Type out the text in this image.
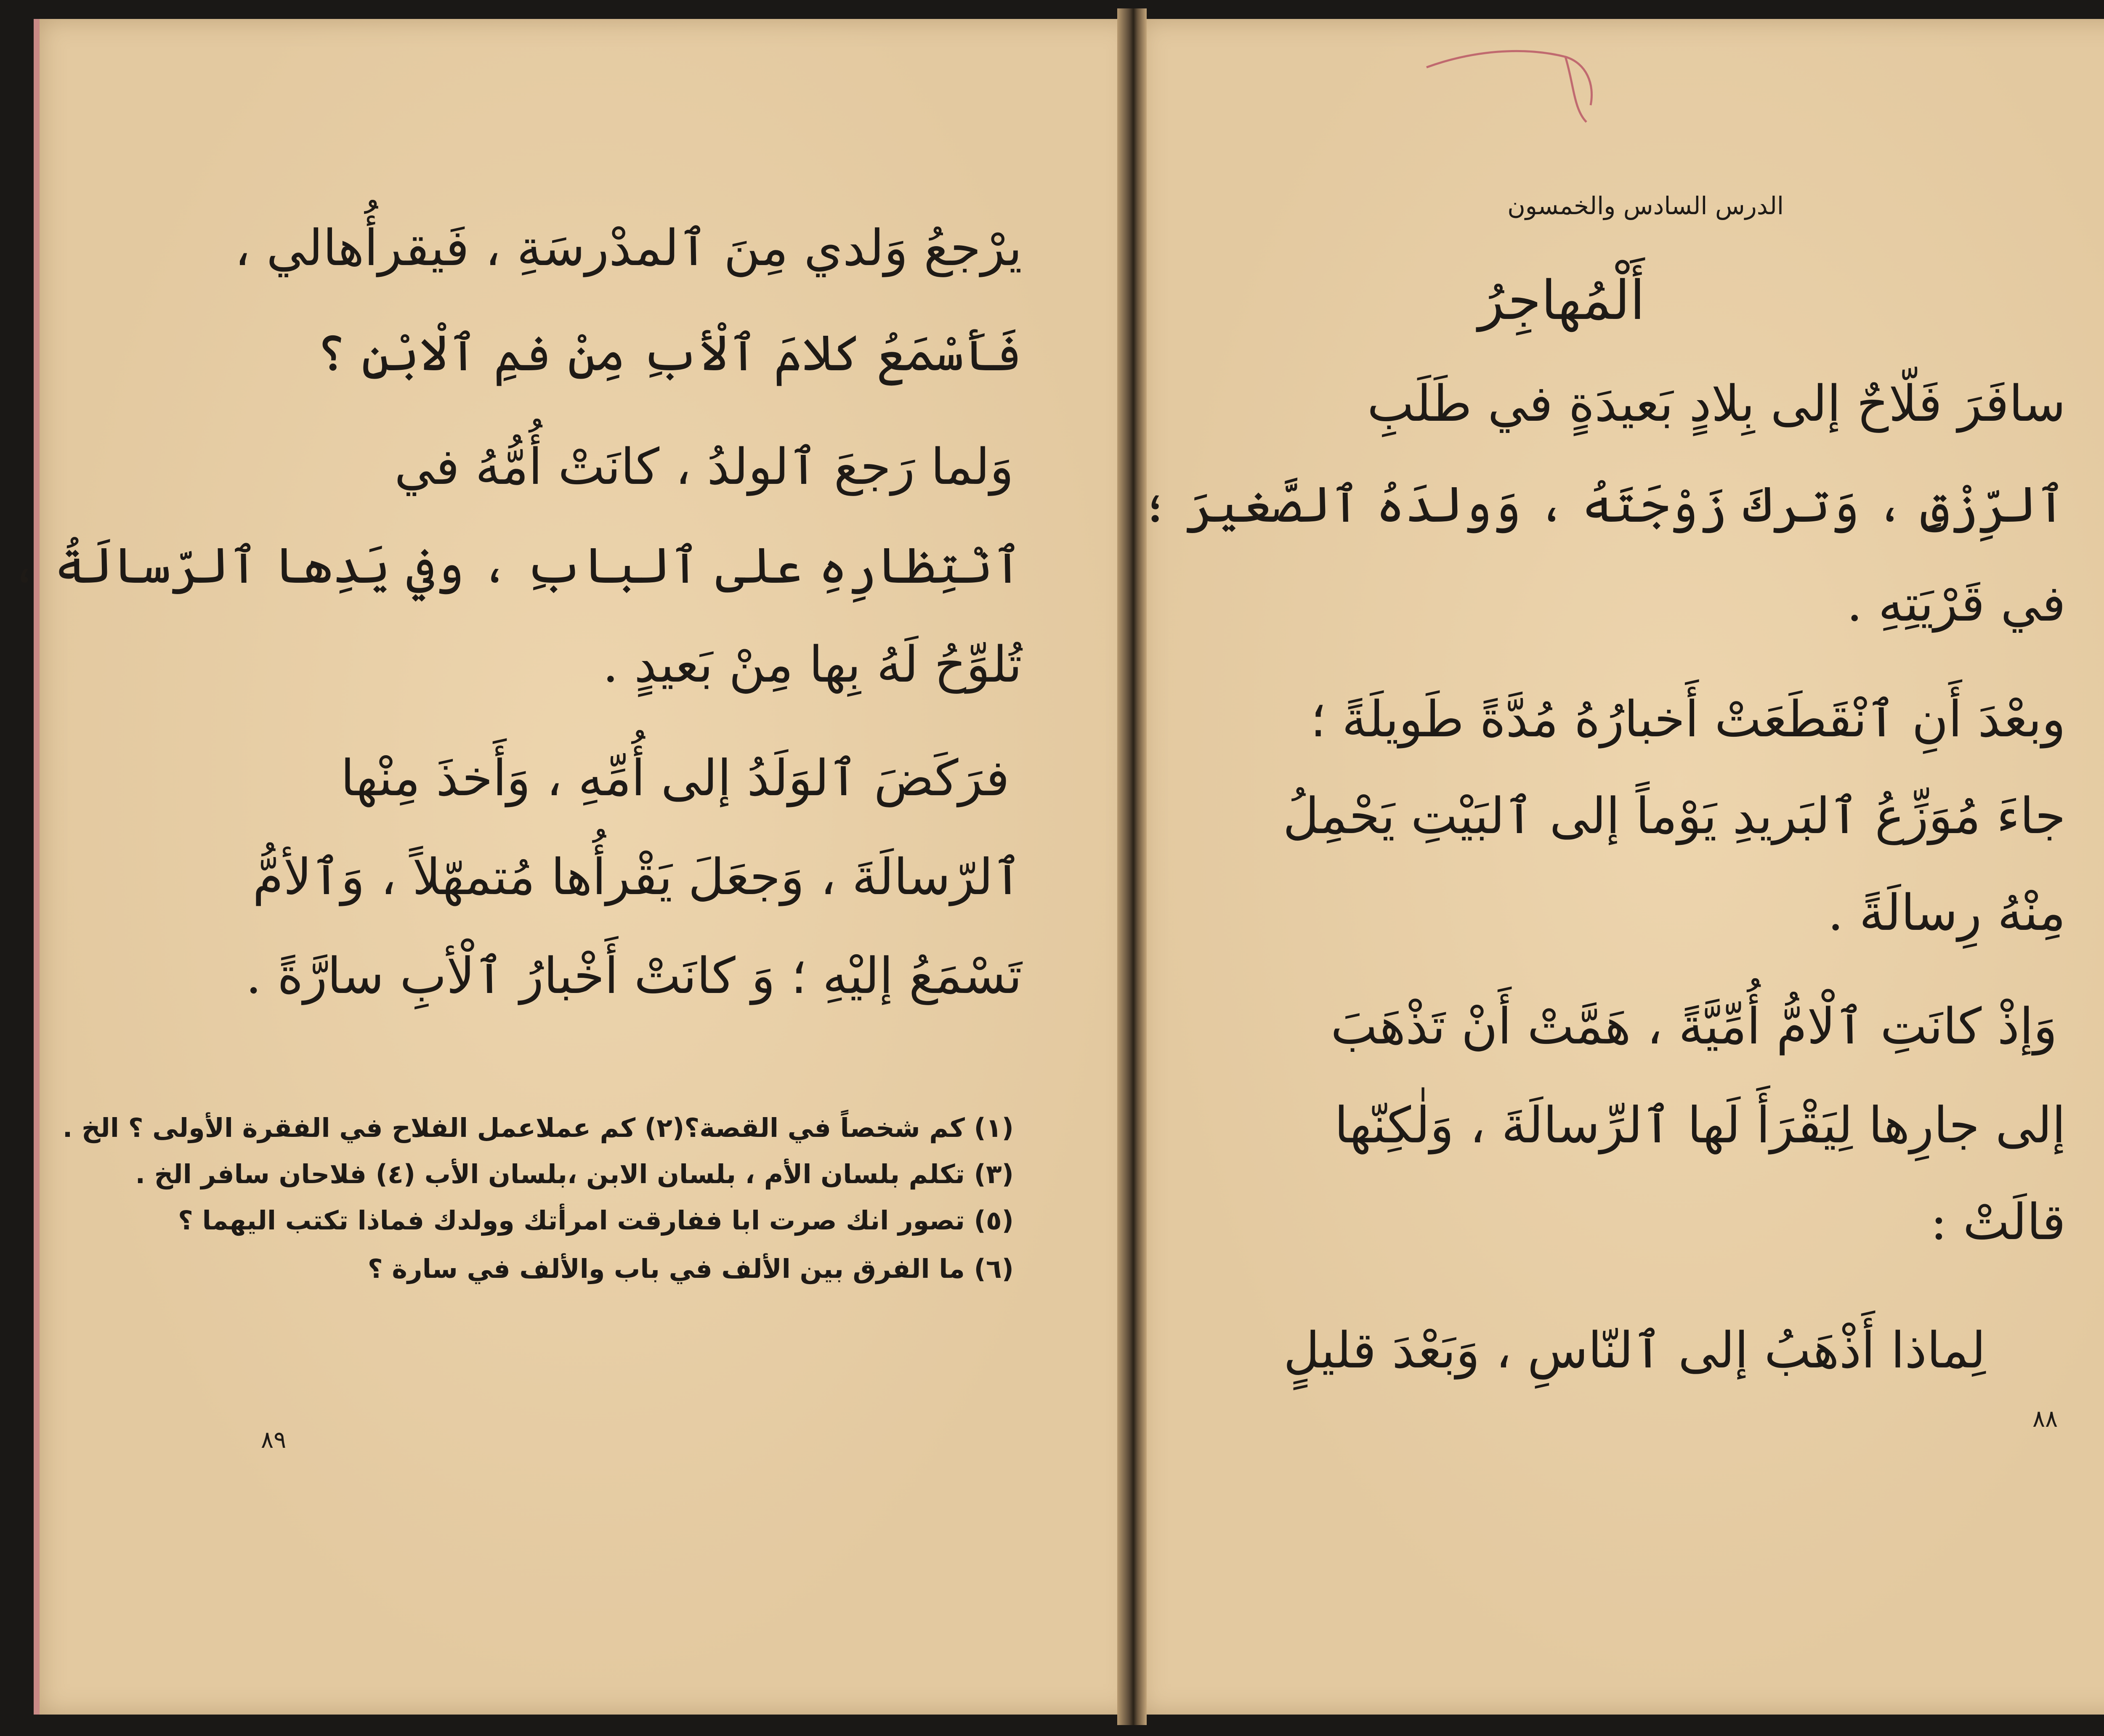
يرْجعُ وَلدي مِنَ ٱلمدْرسَةِ ، فَيقرأُهالي ،

فَأَسْمَعُ كلامَ ٱلْأبِ مِنْ فمِ ٱلْابْنِ ؟

وَلما رَجعَ ٱلولدُ ، كانَتْ أُمُّهُ في

ٱنْتِظارِهِ على ٱلبابِ ، وفي يَدِها ٱلرّسالَةُ ،

تُلوِّحُ لَهُ بِها مِنْ بَعيدٍ .

فرَكَضَ ٱلوَلَدُ إلى أُمِّهِ ، وَأَخذَ مِنْها

ٱلرّسالَةَ ، وَجعَلَ يَقْرأُها مُتمهّلاً ، وَٱلأمُّ

تَسْمَعُ إليْهِ ؛ وَ كانَتْ أَخْبارُ ٱلْأبِ سارَّةً .

(١) كم شخصاً في القصة؟(٢) كم عملاعمل الفلاح في الفقرة الأولى ؟ الخ .

(٣) تكلم بلسان الأم ، بلسان الابن ،بلسان الأب (٤) فلاحان سافر الخ .

(٥) تصور انك صرت ابا ففارقت امرأتك وولدك فماذا تكتب اليهما ؟

(٦) ما الفرق بين الألف في باب والألف في سارة ؟

٨٩

الدرس السادس والخمسون

أَلْمُهاجِرُ

سافَرَ فَلّاحٌ إلى بِلادٍ بَعيدَةٍ في طَلَبِ

ٱلرِّزْقِ ، وَتركَ زَوْجَتَهُ ، وَولدَهُ ٱلصَّغيرَ ؛

في قَرْيَتِهِ .

وبعْدَ أَنِ ٱنْقَطَعَتْ أَخبارُهُ مُدَّةً طَويلَةً ؛

جاءَ مُوَزِّعُ ٱلبَريدِ يَوْماً إلى ٱلبَيْتِ يَحْمِلُ

مِنْهُ رِسالَةً .

وَإذْ كانَتِ ٱلْامُّ أُمِّيَّةً ، هَمَّتْ أَنْ تَذْهَبَ

إلى جارِها لِيَقْرَأَ لَها ٱلرِّسالَةَ ، وَلٰكِنّها

قالَتْ :

لِماذا أَذْهَبُ إلى ٱلنّاسِ ، وَبَعْدَ قليلٍ

٨٨
